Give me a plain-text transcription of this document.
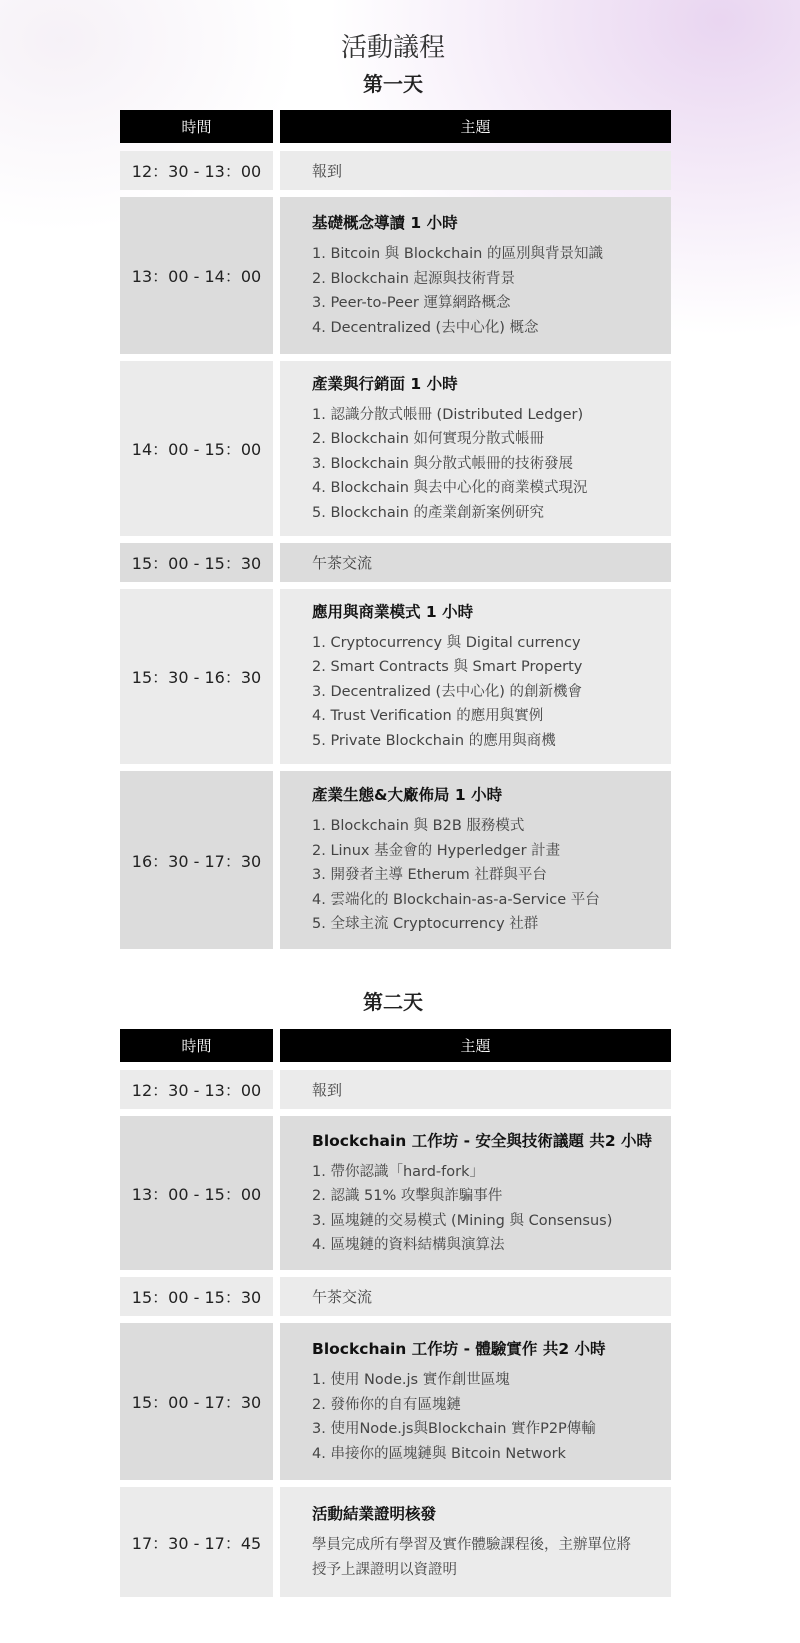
活動議程
第一天
時間	主題
12：30 - 13：00	報到
13：00 - 14：00
基礎概念導讀 1 小時
1. Bitcoin 與 Blockchain 的區別與背景知識
2. Blockchain 起源與技術背景
3. Peer-to-Peer 運算網路概念
4. Decentralized (去中心化) 概念
14：00 - 15：00
產業與行銷面 1 小時
1. 認識分散式帳冊 (Distributed Ledger)
2. Blockchain 如何實現分散式帳冊
3. Blockchain 與分散式帳冊的技術發展
4. Blockchain 與去中心化的商業模式現況
5. Blockchain 的產業創新案例研究
15：00 - 15：30	午茶交流
15：30 - 16：30
應用與商業模式 1 小時
1. Cryptocurrency 與 Digital currency
2. Smart Contracts 與 Smart Property
3. Decentralized (去中心化) 的創新機會
4. Trust Verification 的應用與實例
5. Private Blockchain 的應用與商機
16：30 - 17：30
產業生態&大廠佈局 1 小時
1. Blockchain 與 B2B 服務模式
2. Linux 基金會的 Hyperledger 計畫
3. 開發者主導 Etherum 社群與平台
4. 雲端化的 Blockchain-as-a-Service 平台
5. 全球主流 Cryptocurrency 社群
第二天
時間	主題
12：30 - 13：00	報到
13：00 - 15：00
Blockchain 工作坊 - 安全與技術議題 共2 小時
1. 帶你認識「hard-fork」
2. 認識 51% 攻擊與詐騙事件
3. 區塊鏈的交易模式 (Mining 與 Consensus)
4. 區塊鏈的資料結構與演算法
15：00 - 15：30	午茶交流
15：00 - 17：30
Blockchain 工作坊 - 體驗實作 共2 小時
1. 使用 Node.js 實作創世區塊
2. 發佈你的自有區塊鏈
3. 使用Node.js與Blockchain 實作P2P傳輸
4. 串接你的區塊鏈與 Bitcoin Network
17：30 - 17：45
活動結業證明核發
學員完成所有學習及實作體驗課程後，主辦單位將
授予上課證明以資證明
